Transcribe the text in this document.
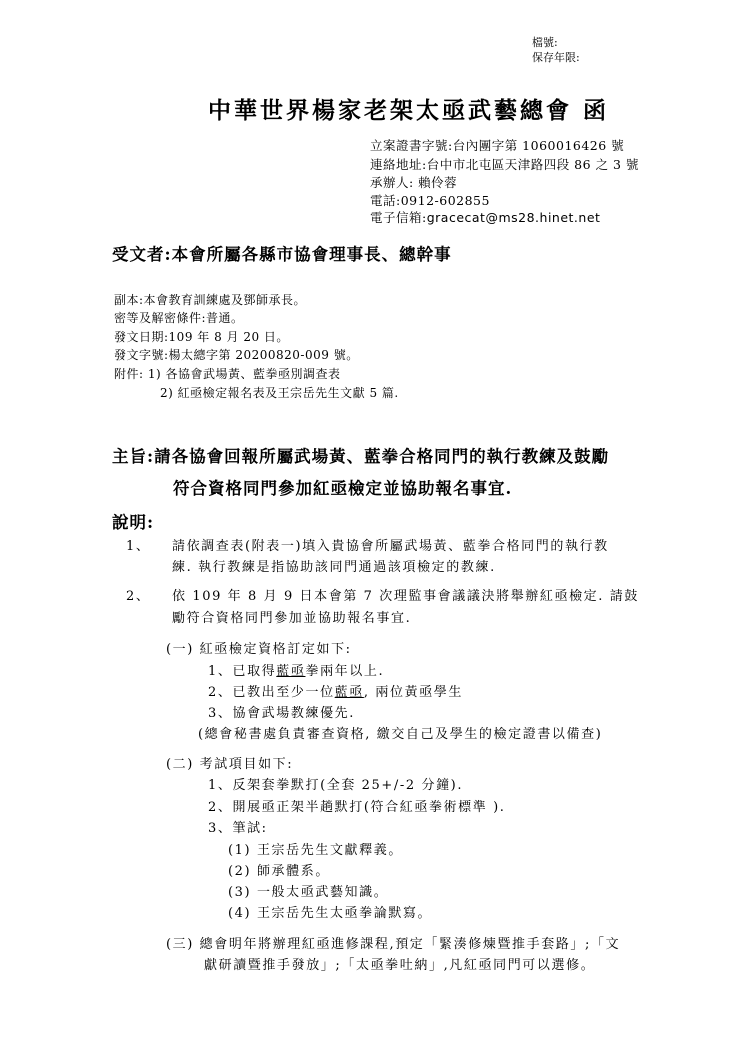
檔號:
保存年限:
中華世界楊家老架太亟武藝總會 函
立案證書字號:台內團字第 1060016426 號
連絡地址:台中市北屯區天津路四段 86 之 3 號
承辦人: 賴伶蓉
電話:0912-602855
電子信箱:gracecat@ms28.hinet.net
受文者:本會所屬各縣市協會理事長、總幹事
副本:本會教育訓練處及鄧師承長。
密等及解密條件:普通。
發文日期:109 年 8 月 20 日。
發文字號:楊太總字第 20200820-009 號。
附件: 1) 各協會武場黃、藍拳亟別調查表
2) 紅亟檢定報名表及王宗岳先生文獻 5 篇.
主旨:請各協會回報所屬武場黃、藍拳合格同門的執行教練及鼓勵
符合資格同門參加紅亟檢定並協助報名事宜.
說明:
1、 請依調查表(附表一)填入貴協會所屬武場黃、藍拳合格同門的執行教
練. 執行教練是指協助該同門通過該項檢定的教練.
2、 依 109 年 8 月 9 日本會第 7 次理監事會議議決將舉辦紅亟檢定. 請鼓
勵符合資格同門參加並協助報名事宜.
(一) 紅亟檢定資格訂定如下:
1、已取得藍亟拳兩年以上.
2、已教出至少一位藍亟, 兩位黃亟學生
3、協會武場教練優先.
(總會秘書處負責審查資格, 繳交自己及學生的檢定證書以備查)
(二) 考試項目如下:
1、反架套拳默打(全套 25+/-2 分鐘).
2、開展亟正架半趟默打(符合紅亟拳術標準 ).
3、筆試:
(1) 王宗岳先生文獻釋義。
(2) 師承體系。
(3) 一般太亟武藝知識。
(4) 王宗岳先生太亟拳論默寫。
(三) 總會明年將辦理紅亟進修課程,預定「緊湊修煉暨推手套路」;「文
獻研讀暨推手發放」;「太亟拳吐納」,凡紅亟同門可以選修。
